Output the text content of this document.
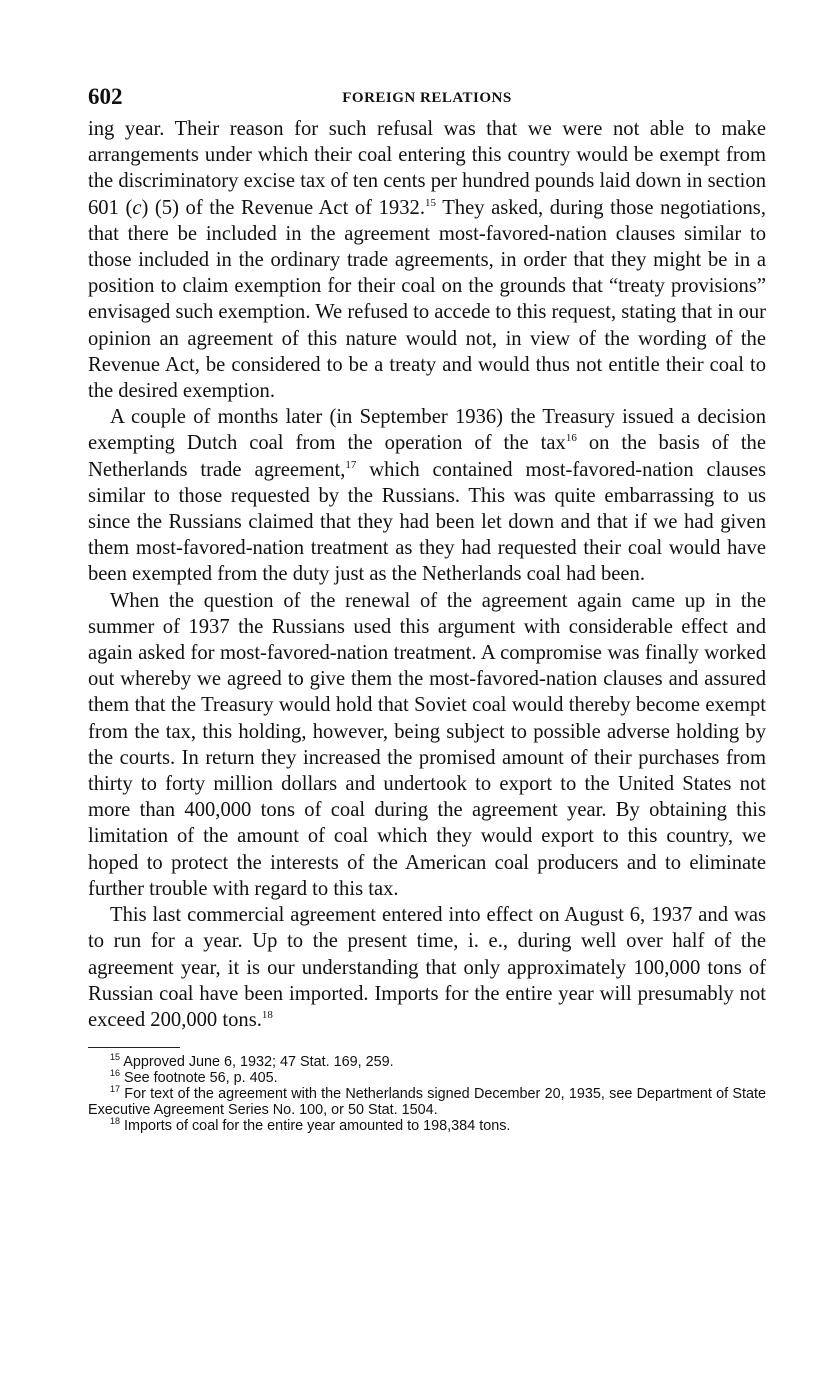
602	FOREIGN RELATIONS

ing year. Their reason for such refusal was that we were not able to make arrangements under which their coal entering this country would be exempt from the discriminatory excise tax of ten cents per hundred pounds laid down in section 601 (c) (5) of the Revenue Act of 1932.15 They asked, during those negotiations, that there be included in the agreement most-favored-nation clauses similar to those included in the ordinary trade agreements, in order that they might be in a position to claim exemption for their coal on the grounds that “treaty provisions” envisaged such exemption. We refused to accede to this request, stating that in our opinion an agreement of this nature would not, in view of the wording of the Revenue Act, be considered to be a treaty and would thus not entitle their coal to the desired exemption.

A couple of months later (in September 1936) the Treasury issued a decision exempting Dutch coal from the operation of the tax$^{16}$ on the basis of the Netherlands trade agreement,$^{17}$ which contained most-favored-nation clauses similar to those requested by the Russians. This was quite embarrassing to us since the Russians claimed that they had been let down and that if we had given them most-favored-nation treatment as they had requested their coal would have been exempted from the duty just as the Netherlands coal had been.

When the question of the renewal of the agreement again came up in the summer of 1937 the Russians used this argument with considerable effect and again asked for most-favored-nation treatment. A compromise was finally worked out whereby we agreed to give them the most-favored-nation clauses and assured them that the Treasury would hold that Soviet coal would thereby become exempt from the tax, this holding, however, being subject to possible adverse holding by the courts. In return they increased the promised amount of their purchases from thirty to forty million dollars and undertook to export to the United States not more than 400,000 tons of coal during the agreement year. By obtaining this limitation of the amount of coal which they would export to this country, we hoped to protect the interests of the American coal producers and to eliminate further trouble with regard to this tax.

This last commercial agreement entered into effect on August 6, 1937 and was to run for a year. Up to the present time, i. e., during well over half of the agreement year, it is our understanding that only approximately 100,000 tons of Russian coal have been imported. Imports for the entire year will presumably not exceed 200,000 tons.$^{18}$

$^{15}$ Approved June 6, 1932; 47 Stat. 169, 259.

$^{16}$ See footnote 56, p. 405.

$^{17}$ For text of the agreement with the Netherlands signed December 20, 1935, see Department of State Executive Agreement Series No. 100, or 50 Stat. 1504.

$^{18}$ Imports of coal for the entire year amounted to 198,384 tons.
